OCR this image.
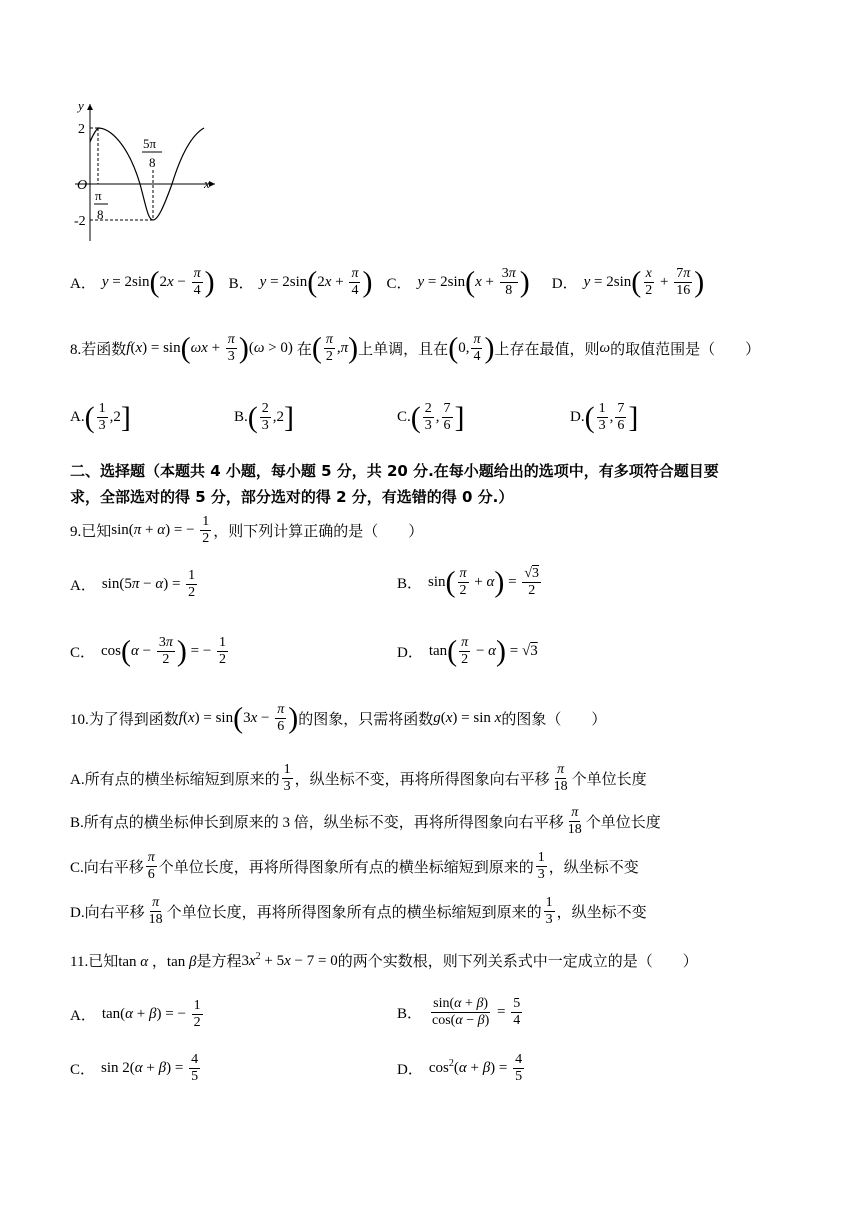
y
x
O
2
-2
π
8
5π
8
A． $y = 2\sin(2x - \frac{\pi}{4}$ ) B． $y = 2\sin(2x + \frac{\pi}{4}$ ) C． $y = 2\sin(x + \frac{3\pi}{8}$ ) D． $y = 2\sin( \frac{x}{2} + \frac{7\pi}{16}$ )
8.若函数 $f(x) = \sin(\omega x + \frac{\pi}{3} )(\omega > 0)$ 在 ( $\frac{\pi}{2} ,\pi$) 上单调，且在 (0, $\frac{\pi}{4}$ ) 上存在最值，则 ω 的取值范围是（　　）
A. ( $\frac{1}{3} ,2$ ]	B. ( $\frac{2}{3} ,2$ ]	C. ( $\frac{2}{3}$ , $\frac{7}{6}$ ]	D. ( $\frac{1}{3}$ , $\frac{7}{6}$ ]
二、选择题（本题共 4 小题，每小题 5 分，共 20 分.在每小题给出的选项中，有多项符合题目要
求，全部选对的得 5 分，部分选对的得 2 分，有选错的得 0 分.）
9.已知 sin(π + α) = − $\frac{1}{2}$ ，则下列计算正确的是（　　）
A． $\sin(5\pi - \alpha) = \frac{1}{2}$	B． $\sin( \frac{\pi}{2} + \alpha) = \frac{√3}{2}$
C． $\cos(\alpha - \frac{3\pi}{2}$ ) = − $\frac{1}{2}$	D． $\tan( \frac{\pi}{2} - \alpha) = √3$
10.为了得到函数 $f(x) = \sin(3x - \frac{\pi}{6}$ ) 的图象，只需将函数 g(x) = sin x 的图象（　　）
A.所有点的横坐标缩短到原来的 $\frac{1}{3}$ ，纵坐标不变，再将所得图象向右平移 $\frac{\pi}{18}$ 个单位长度
B.所有点的横坐标伸长到原来的 3 倍，纵坐标不变，再将所得图象向右平移 $\frac{\pi}{18}$ 个单位长度
C.向右平移 $\frac{\pi}{6}$ 个单位长度，再将所得图象所有点的横坐标缩短到原来的 $\frac{1}{3}$ ，纵坐标不变
D.向右平移 $\frac{\pi}{18}$ 个单位长度，再将所得图象所有点的横坐标缩短到原来的 $\frac{1}{3}$ ，纵坐标不变
11.已知 tan α ，tan β 是方程 $3x^2 + 5x - 7 = 0$ 的两个实数根，则下列关系式中一定成立的是（　　）
A． tan(α + β) = − $\frac{1}{2}$	B． $\frac{\sin(\alpha + \beta)}{\cos(\alpha - \beta)} = \frac{5}{4}$
C． $\sin 2(\alpha + \beta) = \frac{4}{5}$	D． $\cos^2(\alpha + \beta) = \frac{4}{5}$
